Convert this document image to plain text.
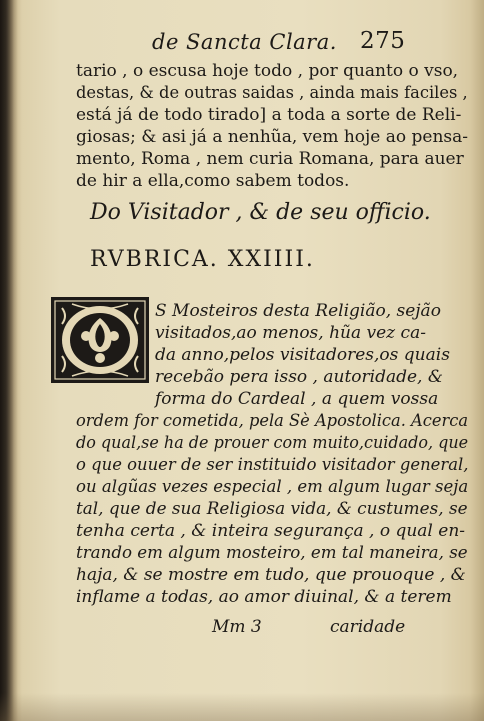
de Sancta Clara. 275
tario , o escusa hoje todo , por quanto o vso,
destas, & de outras saidas , ainda mais faciles ,
está já de todo tirado] a toda a sorte de Reli-
giosas; & asi já a nenhũa, vem hoje ao pensa-
mento, Roma , nem curia Romana, para auer
de hir a ella,como sabem todos.
Do Visitador , & de seu officio.
RVBRICA. XXIIII.
S Mosteiros desta Religião, sejão
visitados,ao menos, hũa vez ca-
da anno,pelos visitadores,os quais
recebão pera isso , autoridade, &
forma do Cardeal , a quem vossa
ordem for cometida, pela Sè Apostolica. Acerca
do qual,se ha de prouer com muito,cuidado, que
o que ouuer de ser instituido visitador general,
ou algũas vezes especial , em algum lugar seja
tal, que de sua Religiosa vida, & custumes, se
tenha certa , & inteira segurança , o qual en-
trando em algum mosteiro, em tal maneira, se
haja, & se mostre em tudo, que prouoque , &
inflame a todas, ao amor diuinal, & a terem
Mm 3	caridade
